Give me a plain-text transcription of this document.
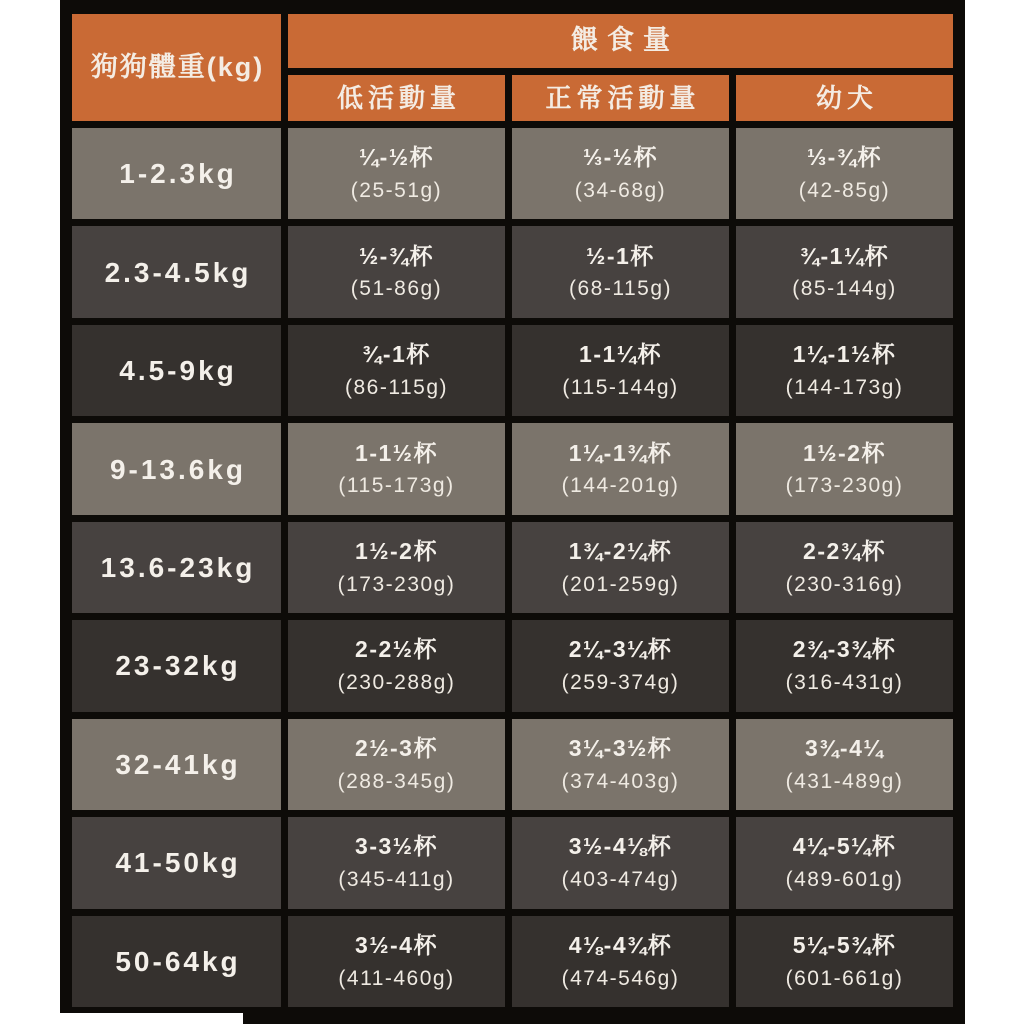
狗狗體重(kg)
餵食量
低活動量	正常活動量	幼犬
1-2.3kg
¼-½杯
(25-51g)
⅓-½杯
(34-68g)
⅓-¾杯
(42-85g)
2.3-4.5kg
½-¾杯
(51-86g)
½-1杯
(68-115g)
¾-1¼杯
(85-144g)
4.5-9kg
¾-1杯
(86-115g)
1-1¼杯
(115-144g)
1¼-1½杯
(144-173g)
9-13.6kg
1-1½杯
(115-173g)
1¼-1¾杯
(144-201g)
1½-2杯
(173-230g)
13.6-23kg
1½-2杯
(173-230g)
1¾-2¼杯
(201-259g)
2-2¾杯
(230-316g)
23-32kg
2-2½杯
(230-288g)
2¼-3¼杯
(259-374g)
2¾-3¾杯
(316-431g)
32-41kg
2½-3杯
(288-345g)
3¼-3½杯
(374-403g)
3¾-4¼
(431-489g)
41-50kg
3-3½杯
(345-411g)
3½-4⅛杯
(403-474g)
4¼-5¼杯
(489-601g)
50-64kg
3½-4杯
(411-460g)
4⅛-4¾杯
(474-546g)
5¼-5¾杯
(601-661g)
